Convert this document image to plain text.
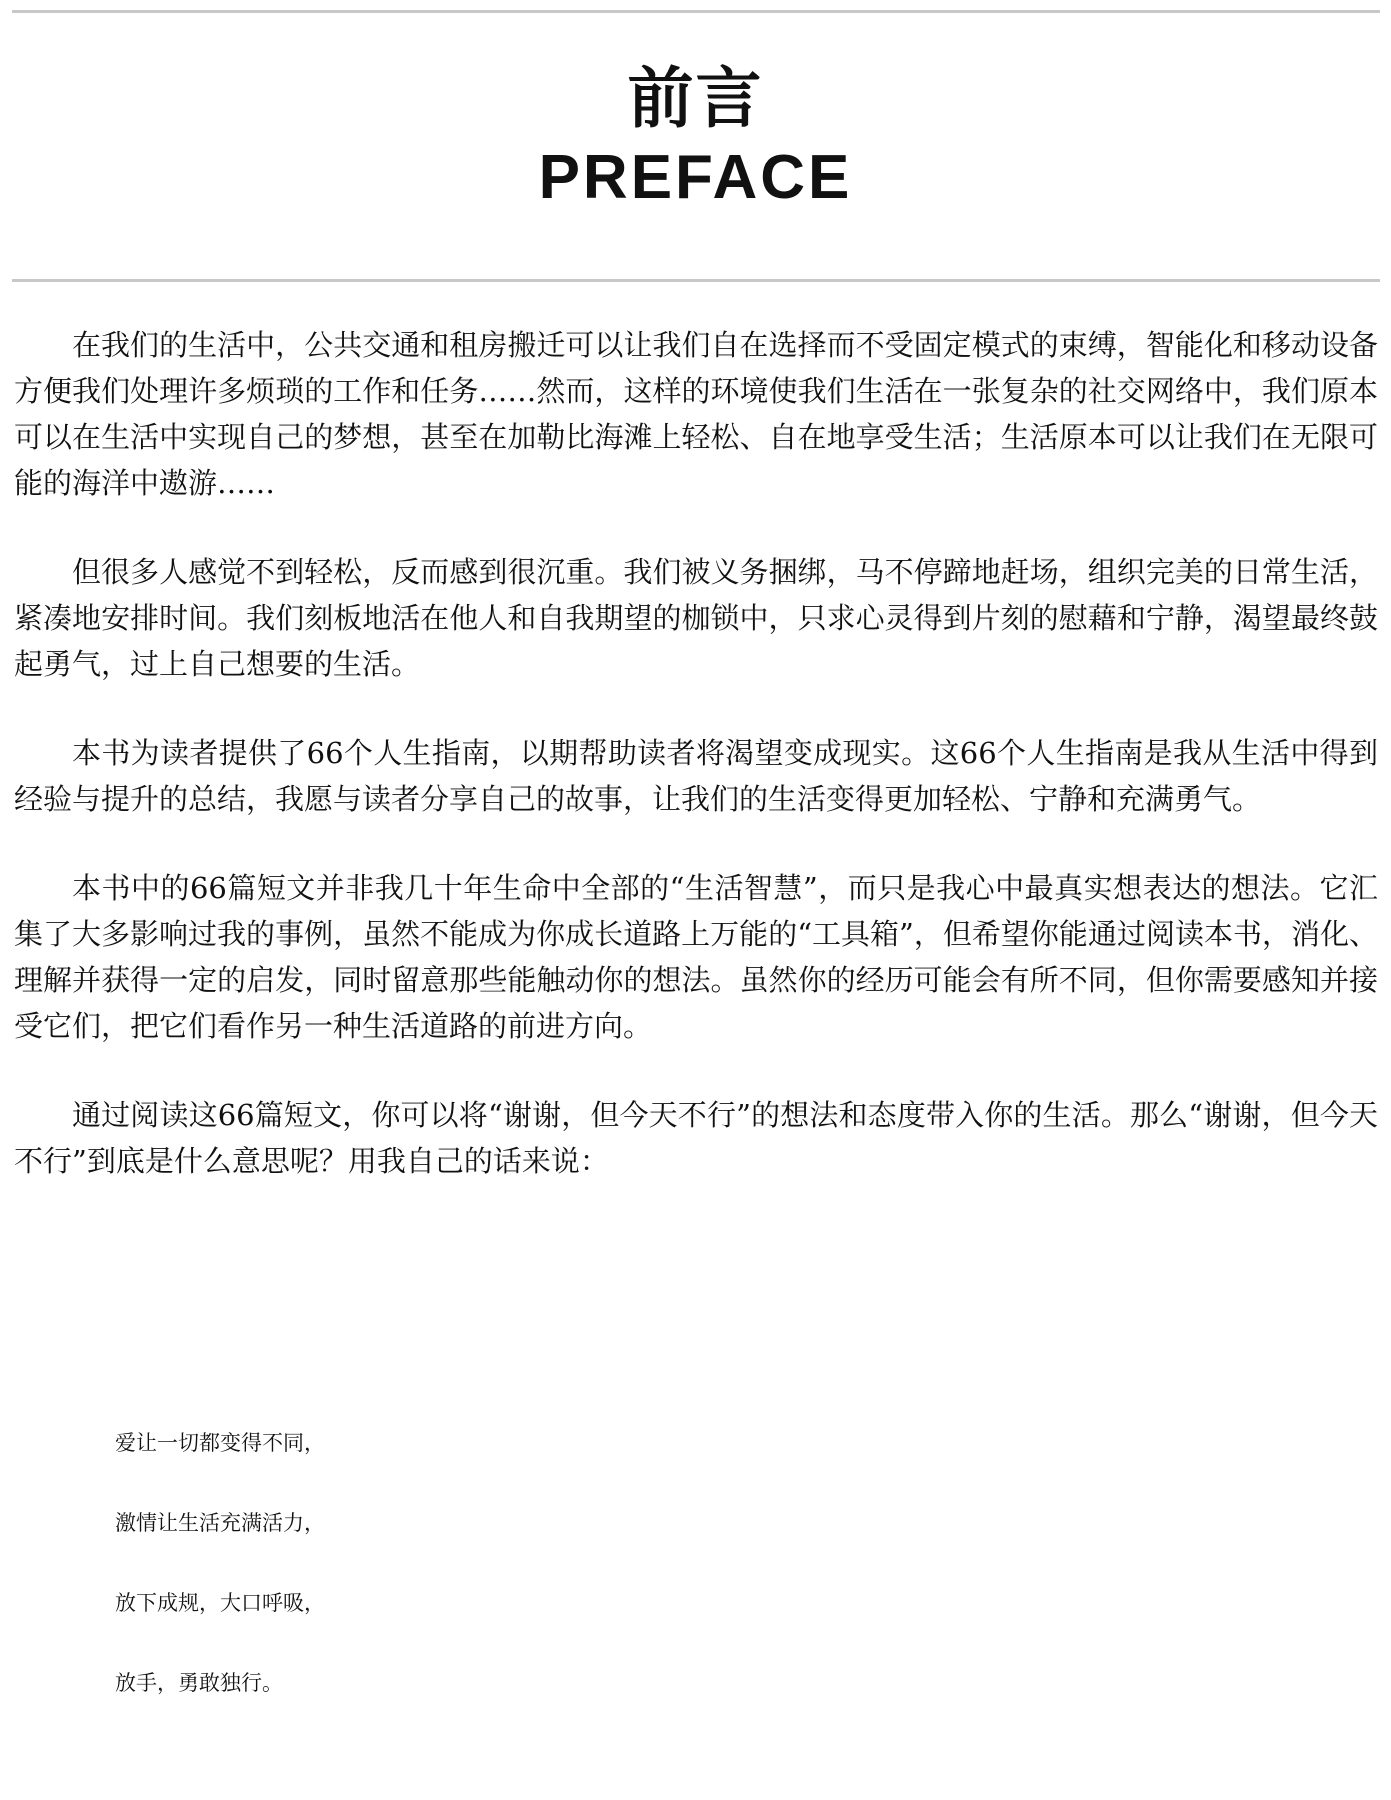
前言
PREFACE

在我们的生活中，公共交通和租房搬迁可以让我们自在选择而不受固定模式的束缚，智能化和移动设备方便我们处理许多烦琐的工作和任务……然而，这样的环境使我们生活在一张复杂的社交网络中，我们原本可以在生活中实现自己的梦想，甚至在加勒比海滩上轻松、自在地享受生活；生活原本可以让我们在无限可能的海洋中遨游……

但很多人感觉不到轻松，反而感到很沉重。我们被义务捆绑，马不停蹄地赶场，组织完美的日常生活，紧凑地安排时间。我们刻板地活在他人和自我期望的枷锁中，只求心灵得到片刻的慰藉和宁静，渴望最终鼓起勇气，过上自己想要的生活。

本书为读者提供了66个人生指南，以期帮助读者将渴望变成现实。这66个人生指南是我从生活中得到经验与提升的总结，我愿与读者分享自己的故事，让我们的生活变得更加轻松、宁静和充满勇气。

本书中的66篇短文并非我几十年生命中全部的“生活智慧”，而只是我心中最真实想表达的想法。它汇集了大多影响过我的事例，虽然不能成为你成长道路上万能的“工具箱”，但希望你能通过阅读本书，消化、理解并获得一定的启发，同时留意那些能触动你的想法。虽然你的经历可能会有所不同，但你需要感知并接受它们，把它们看作另一种生活道路的前进方向。

通过阅读这66篇短文，你可以将“谢谢，但今天不行”的想法和态度带入你的生活。那么“谢谢，但今天不行”到底是什么意思呢？用我自己的话来说：

爱让一切都变得不同，
激情让生活充满活力，
放下成规，大口呼吸，
放手，勇敢独行。
